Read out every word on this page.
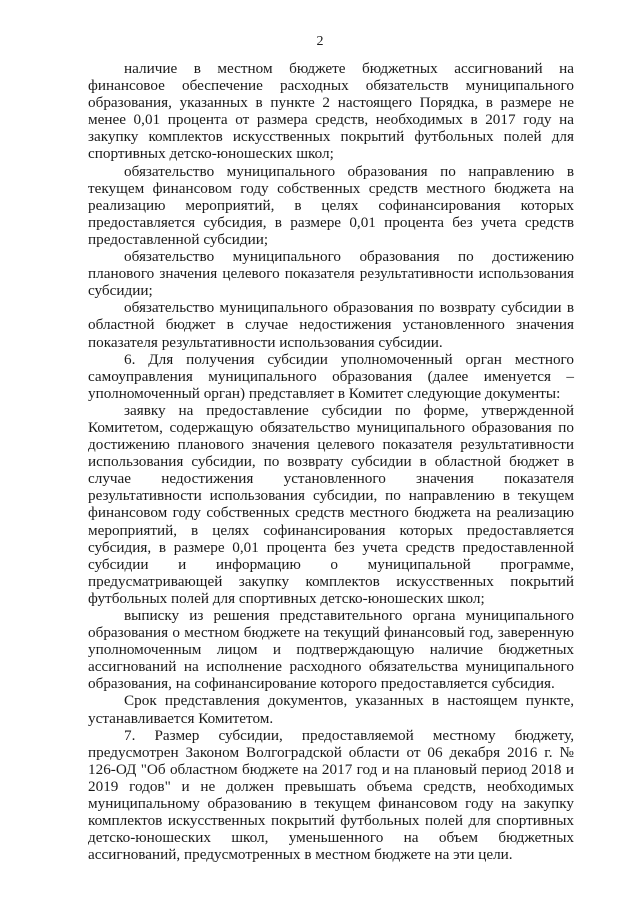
2

наличие в местном бюджете бюджетных ассигнований на финансовое обеспечение расходных обязательств муниципального образования, указанных в пункте 2 настоящего Порядка, в размере не менее 0,01 процента от размера средств, необходимых в 2017 году на закупку комплектов искусственных покрытий футбольных полей для спортивных детско-юношеских школ;

обязательство муниципального образования по направлению в текущем финансовом году собственных средств местного бюджета на реализацию мероприятий, в целях софинансирования которых предоставляется субсидия, в размере 0,01 процента без учета средств предоставленной субсидии;

обязательство муниципального образования по достижению планового значения целевого показателя результативности использования субсидии;

обязательство муниципального образования по возврату субсидии в областной бюджет в случае недостижения установленного значения показателя результативности использования субсидии.

6. Для получения субсидии уполномоченный орган местного самоуправления муниципального образования (далее именуется – уполномоченный орган) представляет в Комитет следующие документы:

заявку на предоставление субсидии по форме, утвержденной Комитетом, содержащую обязательство муниципального образования по достижению планового значения целевого показателя результативности использования субсидии, по возврату субсидии в областной бюджет в случае недостижения установленного значения показателя результативности использования субсидии, по направлению в текущем финансовом году собственных средств местного бюджета на реализацию мероприятий, в целях софинансирования которых предоставляется субсидия, в размере 0,01 процента без учета средств предоставленной субсидии и информацию о муниципальной программе, предусматривающей закупку комплектов искусственных покрытий футбольных полей для спортивных детско-юношеских школ;

выписку из решения представительного органа муниципального образования о местном бюджете на текущий финансовый год, заверенную уполномоченным лицом и подтверждающую наличие бюджетных ассигнований на исполнение расходного обязательства муниципального образования, на софинансирование которого предоставляется субсидия.

Срок представления документов, указанных в настоящем пункте, устанавливается Комитетом.

7. Размер субсидии, предоставляемой местному бюджету, предусмотрен Законом Волгоградской области от 06 декабря 2016 г. № 126-ОД "Об областном бюджете на 2017 год и на плановый период 2018 и 2019 годов" и не должен превышать объема средств, необходимых муниципальному образованию в текущем финансовом году на закупку комплектов искусственных покрытий футбольных полей для спортивных детско-юношеских школ, уменьшенного на объем бюджетных ассигнований, предусмотренных в местном бюджете на эти цели.
